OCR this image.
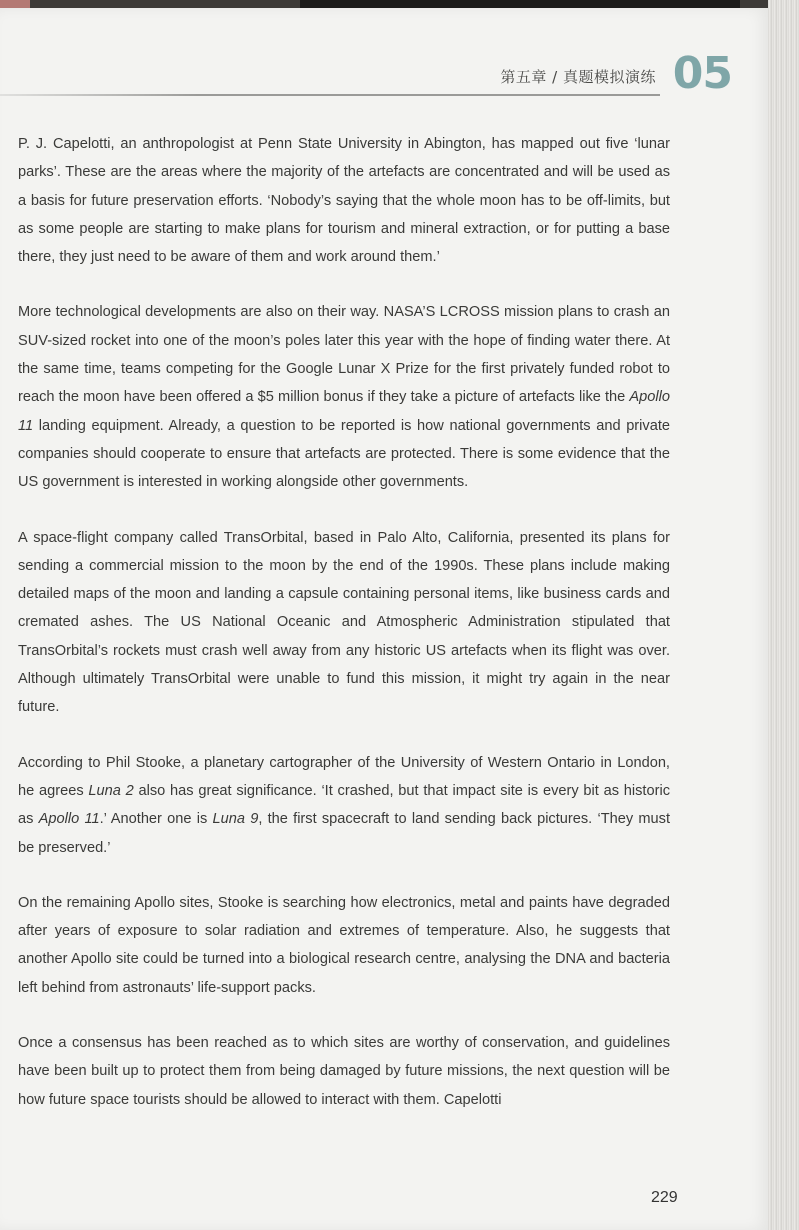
第五章 / 真题模拟演练 05

P. J. Capelotti, an anthropologist at Penn State University in Abington, has mapped out five ‘lunar parks’. These are the areas where the majority of the artefacts are concentrated and will be used as a basis for future preservation efforts. ‘Nobody’s saying that the whole moon has to be off-limits, but as some people are starting to make plans for tourism and mineral extraction, or for putting a base there, they just need to be aware of them and work around them.’

More technological developments are also on their way. NASA’S LCROSS mission plans to crash an SUV-sized rocket into one of the moon’s poles later this year with the hope of finding water there. At the same time, teams competing for the Google Lunar X Prize for the first privately funded robot to reach the moon have been offered a $5 million bonus if they take a picture of artefacts like the Apollo 11 landing equipment. Already, a question to be reported is how national governments and private companies should cooperate to ensure that artefacts are protected. There is some evidence that the US government is interested in working alongside other governments.

A space-flight company called TransOrbital, based in Palo Alto, California, presented its plans for sending a commercial mission to the moon by the end of the 1990s. These plans include making detailed maps of the moon and landing a capsule containing personal items, like business cards and cremated ashes. The US National Oceanic and Atmospheric Administration stipulated that TransOrbital’s rockets must crash well away from any historic US artefacts when its flight was over. Although ultimately TransOrbital were unable to fund this mission, it might try again in the near future.

According to Phil Stooke, a planetary cartographer of the University of Western Ontario in London, he agrees Luna 2 also has great significance. ‘It crashed, but that impact site is every bit as historic as Apollo 11.’ Another one is Luna 9, the first spacecraft to land sending back pictures. ‘They must be preserved.’

On the remaining Apollo sites, Stooke is searching how electronics, metal and paints have degraded after years of exposure to solar radiation and extremes of temperature. Also, he suggests that another Apollo site could be turned into a biological research centre, analysing the DNA and bacteria left behind from astronauts’ life-support packs.

Once a consensus has been reached as to which sites are worthy of conservation, and guidelines have been built up to protect them from being damaged by future missions, the next question will be how future space tourists should be allowed to interact with them. Capelotti

229
